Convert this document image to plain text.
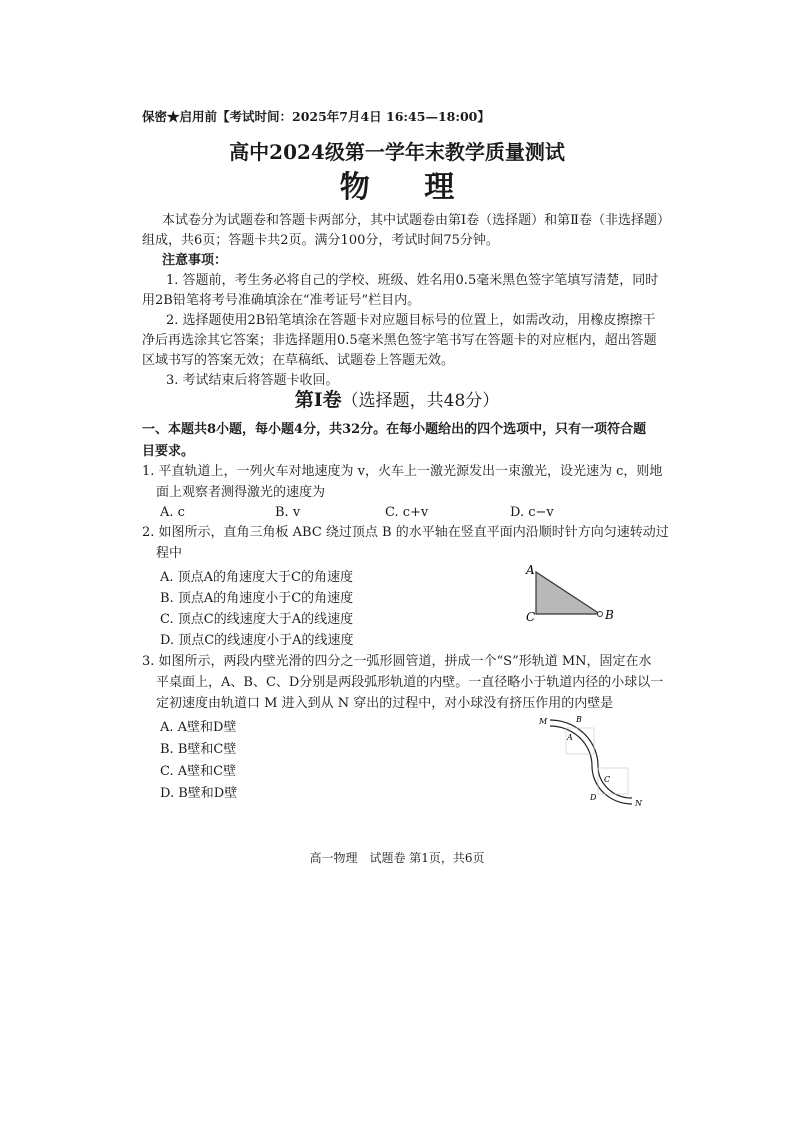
保密★启用前【考试时间：2025年7月4日 16:45—18:00】
高中2024级第一学年末教学质量测试
物 理
本试卷分为试题卷和答题卡两部分，其中试题卷由第Ⅰ卷（选择题）和第Ⅱ卷（非选择题）
组成，共6页；答题卡共2页。满分100分，考试时间75分钟。
注意事项：
1. 答题前，考生务必将自己的学校、班级、姓名用0.5毫米黑色签字笔填写清楚，同时
用2B铅笔将考号准确填涂在“准考证号”栏目内。
2. 选择题使用2B铅笔填涂在答题卡对应题目标号的位置上，如需改动，用橡皮擦擦干
净后再选涂其它答案；非选择题用0.5毫米黑色签字笔书写在答题卡的对应框内，超出答题
区域书写的答案无效；在草稿纸、试题卷上答题无效。
3. 考试结束后将答题卡收回。
第Ⅰ卷（选择题，共48分）
一、本题共8小题，每小题4分，共32分。在每小题给出的四个选项中，只有一项符合题
目要求。
1. 平直轨道上，一列火车对地速度为 v，火车上一激光源发出一束激光，设光速为 c，则地
面上观察者测得激光的速度为
A. c	B. v	C. c+v	D. c−v
2. 如图所示，直角三角板 ABC 绕过顶点 B 的水平轴在竖直平面内沿顺时针方向匀速转动过
程中
A. 顶点A的角速度大于C的角速度
B. 顶点A的角速度小于C的角速度
C. 顶点C的线速度大于A的线速度
D. 顶点C的线速度小于A的线速度
A
C	B
3. 如图所示，两段内壁光滑的四分之一弧形圆管道，拼成一个“S”形轨道 MN，固定在水
平桌面上，A、B、C、D分别是两段弧形轨道的内壁。一直径略小于轨道内径的小球以一
定初速度由轨道口 M 进入到从 N 穿出的过程中，对小球没有挤压作用的内壁是
A. A壁和D壁
B. B壁和C壁
C. A壁和C壁
D. B壁和D壁
M	B
A
C
D
N
高一物理　试题卷 第1页，共6页
